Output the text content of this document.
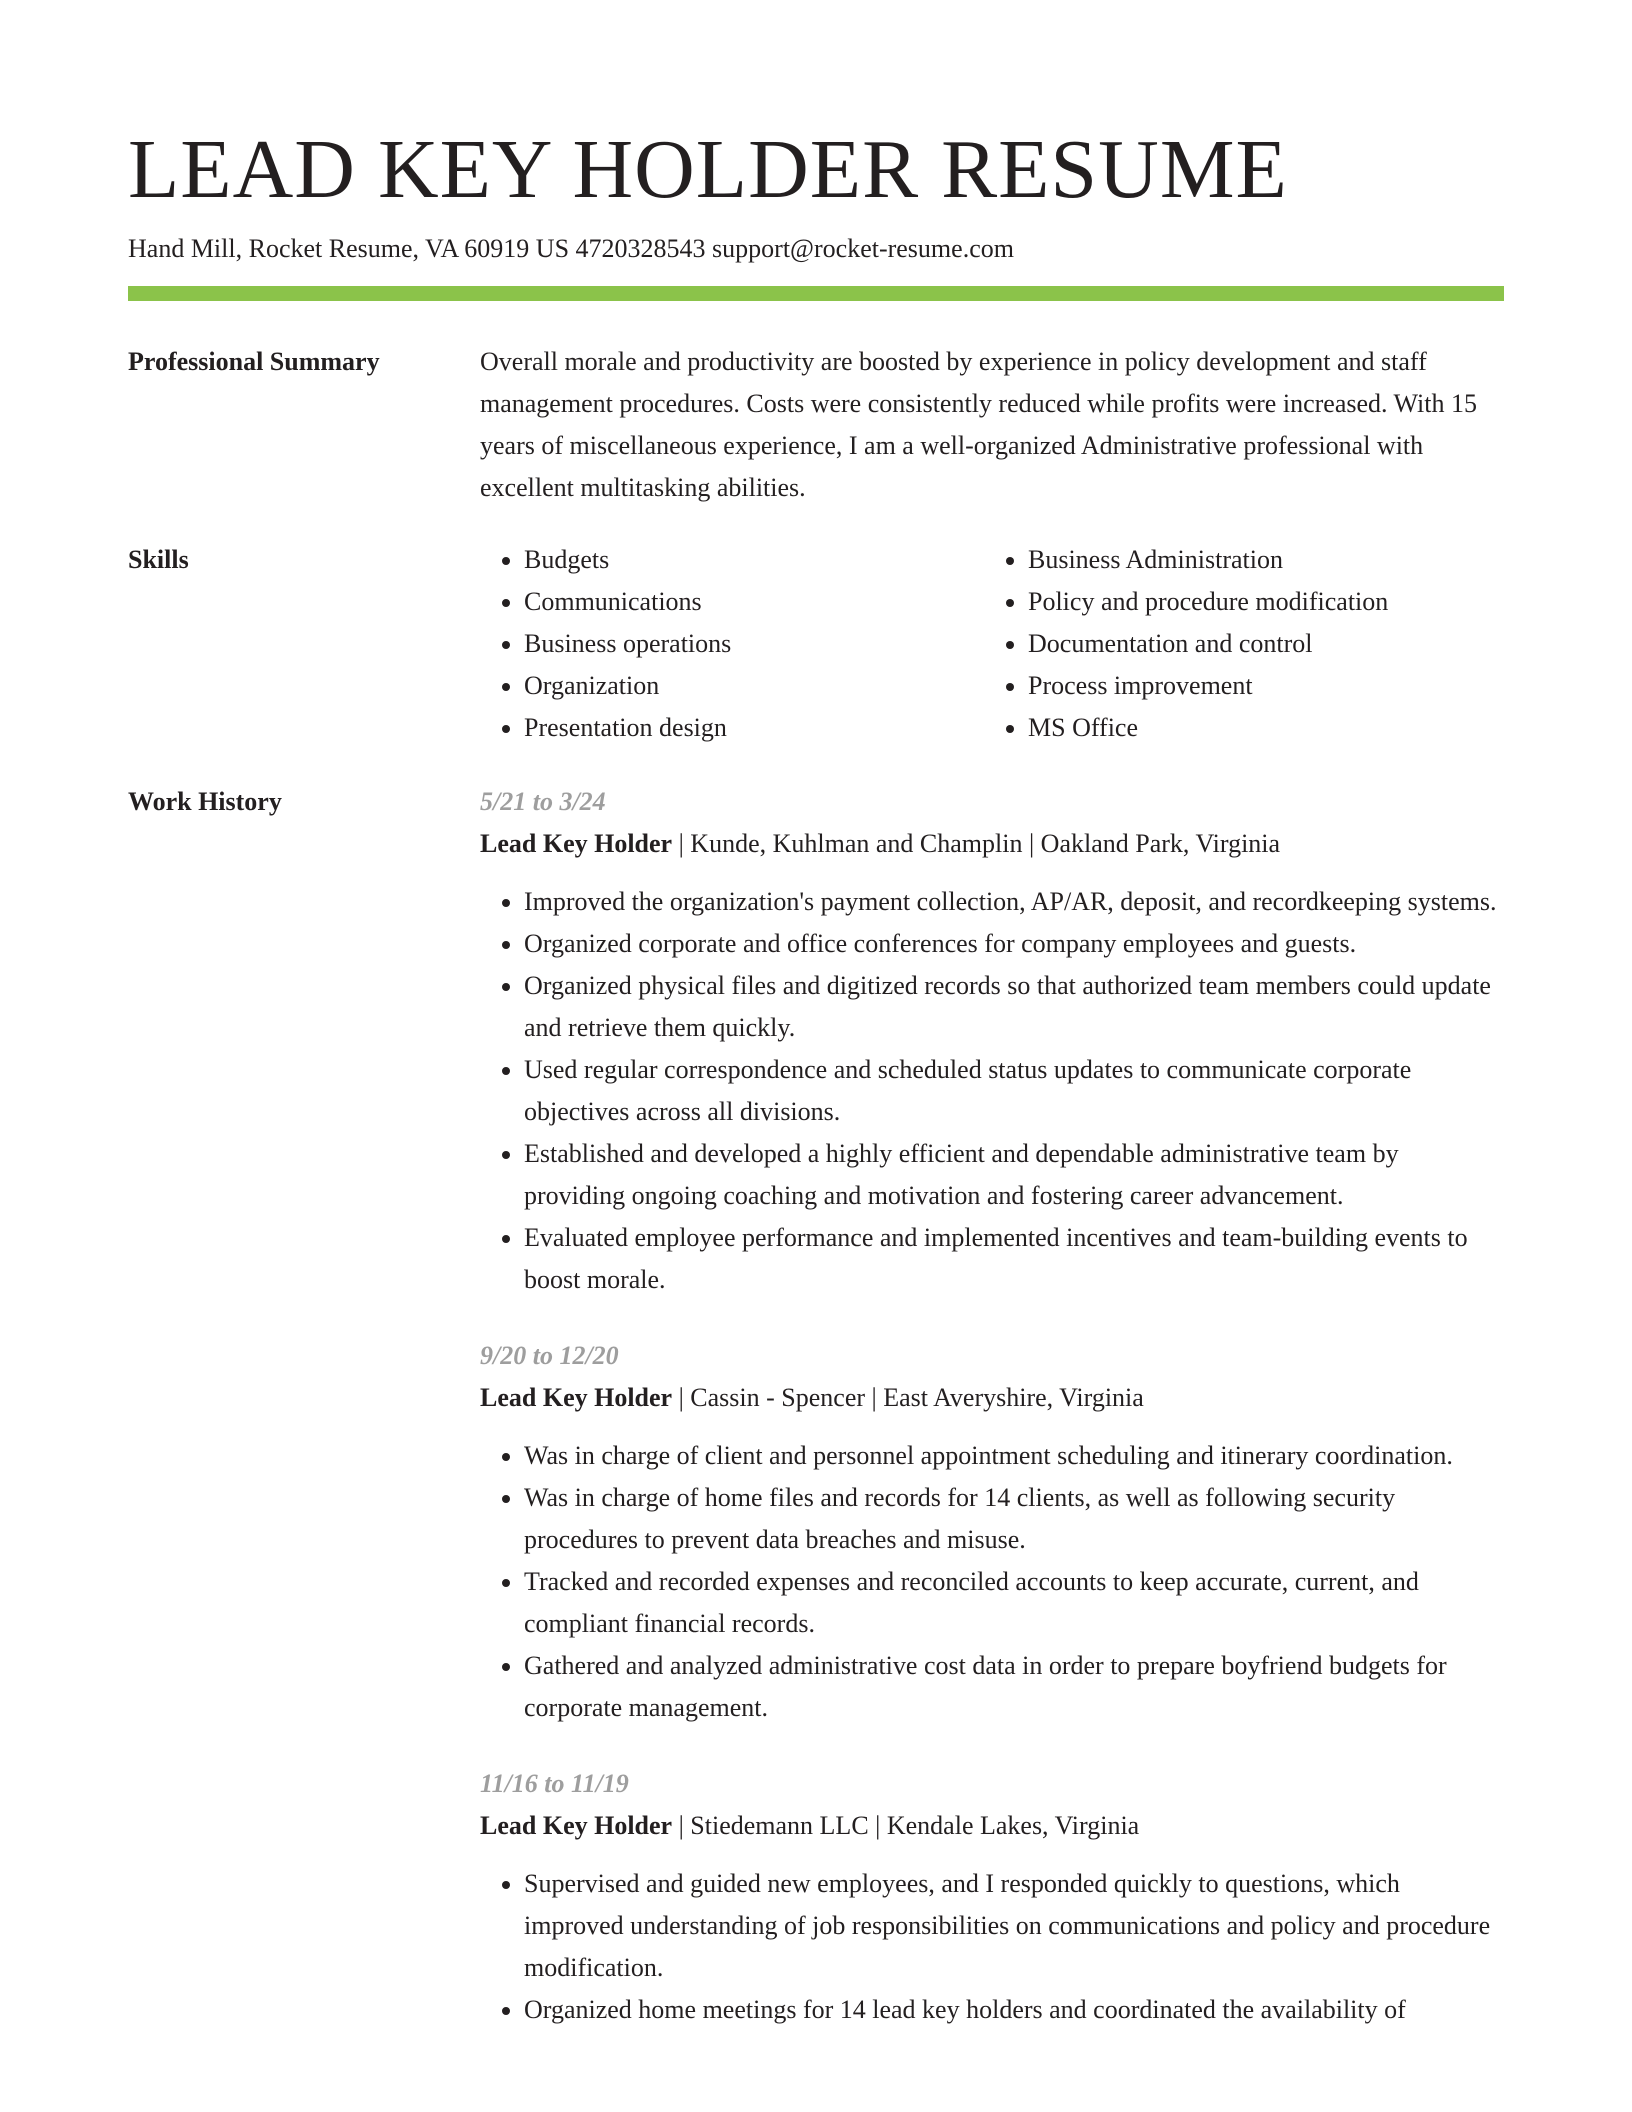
LEAD KEY HOLDER RESUME
Hand Mill, Rocket Resume, VA 60919 US 4720328543 support@rocket-resume.com
Professional Summary	Overall morale and productivity are boosted by experience in policy development and staff management procedures. Costs were consistently reduced while profits were increased. With 15 years of miscellaneous experience, I am a well-organized Administrative professional with excellent multitasking abilities.

Skills
•	Budgets
• Communications
• Business operations
• Organization
• Presentation design
• Business Administration
• Policy and procedure modification
• Documentation and control
• Process improvement
• MS Office
Work History	5/21 to 3/24
Lead Key Holder | Kunde, Kuhlman and Champlin | Oakland Park, Virginia
• Improved the organization's payment collection, AP/AR, deposit, and recordkeeping systems.
• Organized corporate and office conferences for company employees and guests.
• Organized physical files and digitized records so that authorized team members could update and retrieve them quickly.
• Used regular correspondence and scheduled status updates to communicate corporate objectives across all divisions.
• Established and developed a highly efficient and dependable administrative team by providing ongoing coaching and motivation and fostering career advancement.
• Evaluated employee performance and implemented incentives and team-building events to boost morale.
9/20 to 12/20
Lead Key Holder | Cassin - Spencer | East Averyshire, Virginia
• Was in charge of client and personnel appointment scheduling and itinerary coordination.
• Was in charge of home files and records for 14 clients, as well as following security procedures to prevent data breaches and misuse.
• Tracked and recorded expenses and reconciled accounts to keep accurate, current, and compliant financial records.
• Gathered and analyzed administrative cost data in order to prepare boyfriend budgets for corporate management.
11/16 to 11/19
Lead Key Holder | Stiedemann LLC | Kendale Lakes, Virginia
• Supervised and guided new employees, and I responded quickly to questions, which improved understanding of job responsibilities on communications and policy and procedure modification.
• Organized home meetings for 14 lead key holders and coordinated the availability of
